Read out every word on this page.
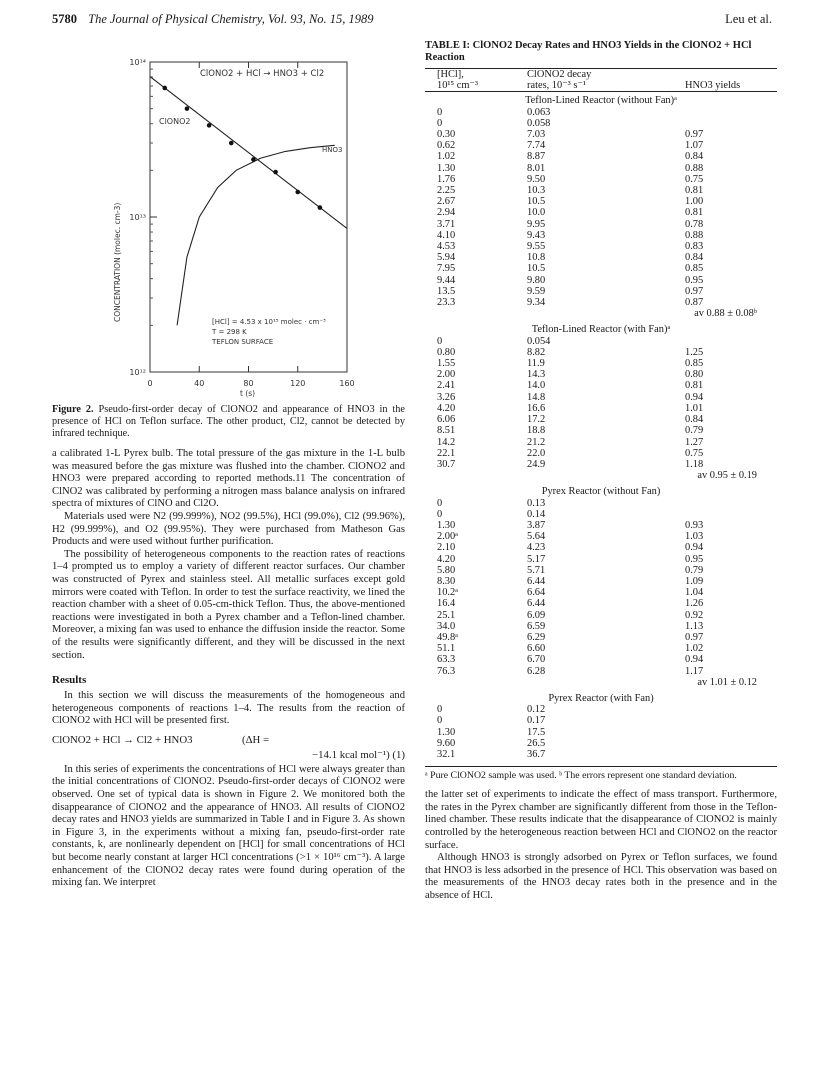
5780 The Journal of Physical Chemistry, Vol. 93, No. 15, 1989	Leu et al.
10¹⁴
10¹³
10¹²
0	40	80	120	160
ClONO2 + HCl → HNO3 + Cl2
ClONO2
HNO3
CONCENTRATION (molec. cm-3)
t (s)
[HCl] = 4.53 x 10¹⁵ molec · cm⁻³
T = 298 K
TEFLON SURFACE
Figure 2. Pseudo-first-order decay of ClONO2 and appearance of HNO3 in the presence of HCl on Teflon surface. The other product, Cl2, cannot be detected by infrared technique.

a calibrated 1-L Pyrex bulb. The total pressure of the gas mixture in the 1-L bulb was measured before the gas mixture was flushed into the chamber. ClONO2 and HNO3 were prepared according to reported methods.11 The concentration of ClNO2 was calibrated by performing a nitrogen mass balance analysis on infrared spectra of mixtures of ClNO and Cl2O.

Materials used were N2 (99.999%), NO2 (99.5%), HCl (99.0%), Cl2 (99.96%), H2 (99.999%), and O2 (99.95%). They were purchased from Matheson Gas Products and were used without further purification.

The possibility of heterogeneous components to the reaction rates of reactions 1–4 prompted us to employ a variety of different reactor surfaces. Our chamber was constructed of Pyrex and stainless steel. All metallic surfaces except gold mirrors were coated with Teflon. In order to test the surface reactivity, we lined the reaction chamber with a sheet of 0.05-cm-thick Teflon. Thus, the above-mentioned reactions were investigated in both a Pyrex chamber and a Teflon-lined chamber. Moreover, a mixing fan was used to enhance the diffusion inside the reactor. Some of the results were significantly different, and they will be discussed in the next section.

Results

In this section we will discuss the measurements of the homogeneous and heterogeneous components of reactions 1–4. The results from the reaction of ClONO2 with HCl will be presented first.

ClONO2 + HCl → Cl2 + HNO3	(ΔH =
−14.1 kcal mol⁻¹) (1)

In this series of experiments the concentrations of HCl were always greater than the initial concentrations of ClONO2. Pseudo-first-order decays of ClONO2 were observed. One set of typical data is shown in Figure 2. We monitored both the disappearance of ClONO2 and the appearance of HNO3. All results of ClONO2 decay rates and HNO3 yields are summarized in Table I and in Figure 3. As shown in Figure 3, in the experiments without a mixing fan, pseudo-first-order rate constants, k, are nonlinearly dependent on [HCl] for small concentrations of HCl but become nearly constant at larger HCl concentrations (>1 × 10¹⁶ cm⁻³). A large enhancement of the ClONO2 decay rates were found during operation of the mixing fan. We interpret

TABLE I: ClONO2 Decay Rates and HNO3 Yields in the ClONO2 + HCl Reaction
[HCl],	ClONO2 decay	
10¹⁵ cm⁻³	rates, 10⁻³ s⁻¹	HNO3 yields
Teflon-Lined Reactor (without Fan)ᵃ		
0	0.063	
0	0.058	
0.30	7.03	0.97
0.62	7.74	1.07
1.02	8.87	0.84
1.30	8.01	0.88
1.76	9.50	0.75
2.25	10.3	0.81
2.67	10.5	1.00
2.94	10.0	0.81
3.71	9.95	0.78
4.10	9.43	0.88
4.53	9.55	0.83
5.94	10.8	0.84
7.95	10.5	0.85
9.44	9.80	0.95
13.5	9.59	0.97
23.3	9.34	0.87
av 0.88 ± 0.08ᵇ		
Teflon-Lined Reactor (with Fan)ᵃ		
0	0.054	
0.80	8.82	1.25
1.55	11.9	0.85
2.00	14.3	0.80
2.41	14.0	0.81
3.26	14.8	0.94
4.20	16.6	1.01
6.06	17.2	0.84
8.51	18.8	0.79
14.2	21.2	1.27
22.1	22.0	0.75
30.7	24.9	1.18
av 0.95 ± 0.19		
Pyrex Reactor (without Fan)		
0	0.13	
0	0.14	
1.30	3.87	0.93
2.00ᵃ	5.64	1.03
2.10	4.23	0.94
4.20	5.17	0.95
5.80	5.71	0.79
8.30	6.44	1.09
10.2ᵃ	6.64	1.04
16.4	6.44	1.26
25.1	6.09	0.92
34.0	6.59	1.13
49.8ᵃ	6.29	0.97
51.1	6.60	1.02
63.3	6.70	0.94
76.3	6.28	1.17
av 1.01 ± 0.12		
Pyrex Reactor (with Fan)		
0	0.12	
0	0.17	
1.30	17.5	
9.60	26.5	
32.1	36.7	
ᵃ Pure ClONO2 sample was used. ᵇ The errors represent one standard deviation.

the latter set of experiments to indicate the effect of mass transport. Furthermore, the rates in the Pyrex chamber are significantly different from those in the Teflon-lined chamber. These results indicate that the disappearance of ClONO2 is mainly controlled by the heterogeneous reaction between HCl and ClONO2 on the reactor surface.

Although HNO3 is strongly adsorbed on Pyrex or Teflon surfaces, we found that HNO3 is less adsorbed in the presence of HCl. This observation was based on the measurements of the HNO3 decay rates both in the presence and in the absence of HCl.
